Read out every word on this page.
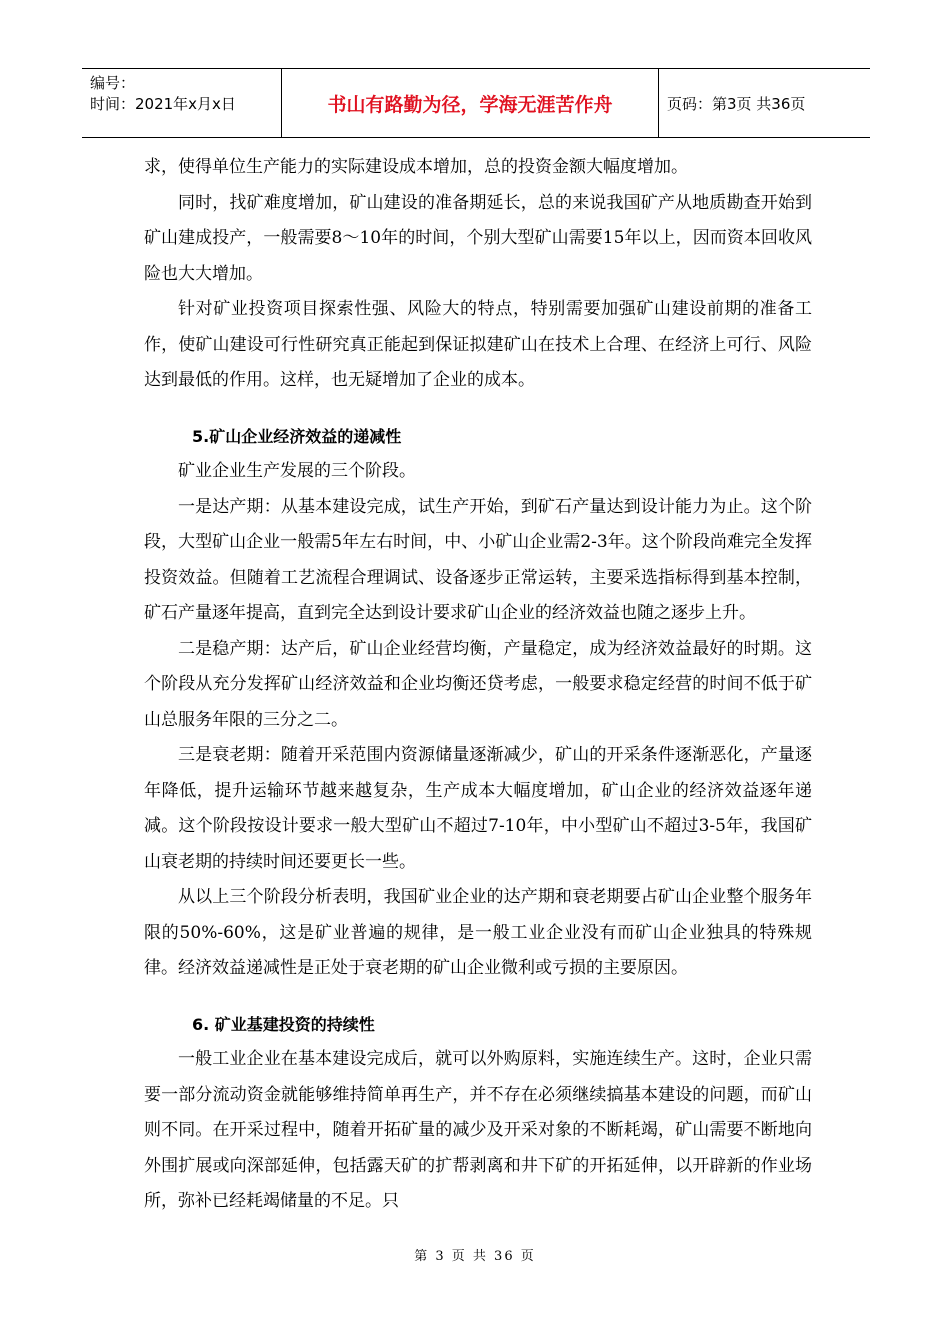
编号：
时间：2021年x月x日	书山有路勤为径，学海无涯苦作舟	页码：第3页 共36页

求，使得单位生产能力的实际建设成本增加，总的投资金额大幅度增加。

同时，找矿难度增加，矿山建设的准备期延长，总的来说我国矿产从地质勘查开始到矿山建成投产，一般需要8～10年的时间，个别大型矿山需要15年以上，因而资本回收风险也大大增加。

针对矿业投资项目探索性强、风险大的特点，特别需要加强矿山建设前期的准备工作，使矿山建设可行性研究真正能起到保证拟建矿山在技术上合理、在经济上可行、风险达到最低的作用。这样，也无疑增加了企业的成本。

5.矿山企业经济效益的递减性

矿业企业生产发展的三个阶段。

一是达产期：从基本建设完成，试生产开始，到矿石产量达到设计能力为止。这个阶段，大型矿山企业一般需5年左右时间，中、小矿山企业需2-3年。这个阶段尚难完全发挥投资效益。但随着工艺流程合理调试、设备逐步正常运转，主要采选指标得到基本控制，矿石产量逐年提高，直到完全达到设计要求矿山企业的经济效益也随之逐步上升。

二是稳产期：达产后，矿山企业经营均衡，产量稳定，成为经济效益最好的时期。这个阶段从充分发挥矿山经济效益和企业均衡还贷考虑，一般要求稳定经营的时间不低于矿山总服务年限的三分之二。

三是衰老期：随着开采范围内资源储量逐渐减少，矿山的开采条件逐渐恶化，产量逐年降低，提升运输环节越来越复杂，生产成本大幅度增加，矿山企业的经济效益逐年递减。这个阶段按设计要求一般大型矿山不超过7-10年，中小型矿山不超过3-5年，我国矿山衰老期的持续时间还要更长一些。

从以上三个阶段分析表明，我国矿业企业的达产期和衰老期要占矿山企业整个服务年限的50%-60%，这是矿业普遍的规律，是一般工业企业没有而矿山企业独具的特殊规律。经济效益递减性是正处于衰老期的矿山企业微利或亏损的主要原因。

6. 矿业基建投资的持续性

一般工业企业在基本建设完成后，就可以外购原料，实施连续生产。这时，企业只需要一部分流动资金就能够维持简单再生产，并不存在必须继续搞基本建设的问题，而矿山则不同。在开采过程中，随着开拓矿量的减少及开采对象的不断耗竭，矿山需要不断地向外围扩展或向深部延伸，包括露天矿的扩帮剥离和井下矿的开拓延伸，以开辟新的作业场所，弥补已经耗竭储量的不足。只

第 3 页 共 36 页
